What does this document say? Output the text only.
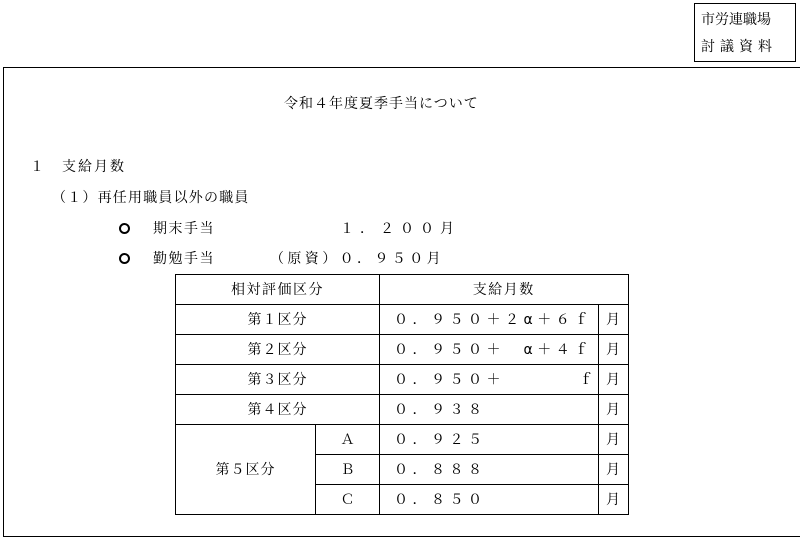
市労連職場
討議資料
令和４年度夏季手当について
１ 支給月数
（１）再任用職員以外の職員
期末手当	１．２００月
勤勉手当	（原資）０．９５０月
相対評価区分		支給月数	
第１区分		０．９５０＋２α＋６ｆ	月
第２区分		０．９５０＋　α＋４ｆ	月
第３区分		０．９５０＋　　　　ｆ	月
第４区分		０．９３８	月
第５区分	Ａ	０．９２５	月
	Ｂ	０．８８８	月
	Ｃ	０．８５０	月
